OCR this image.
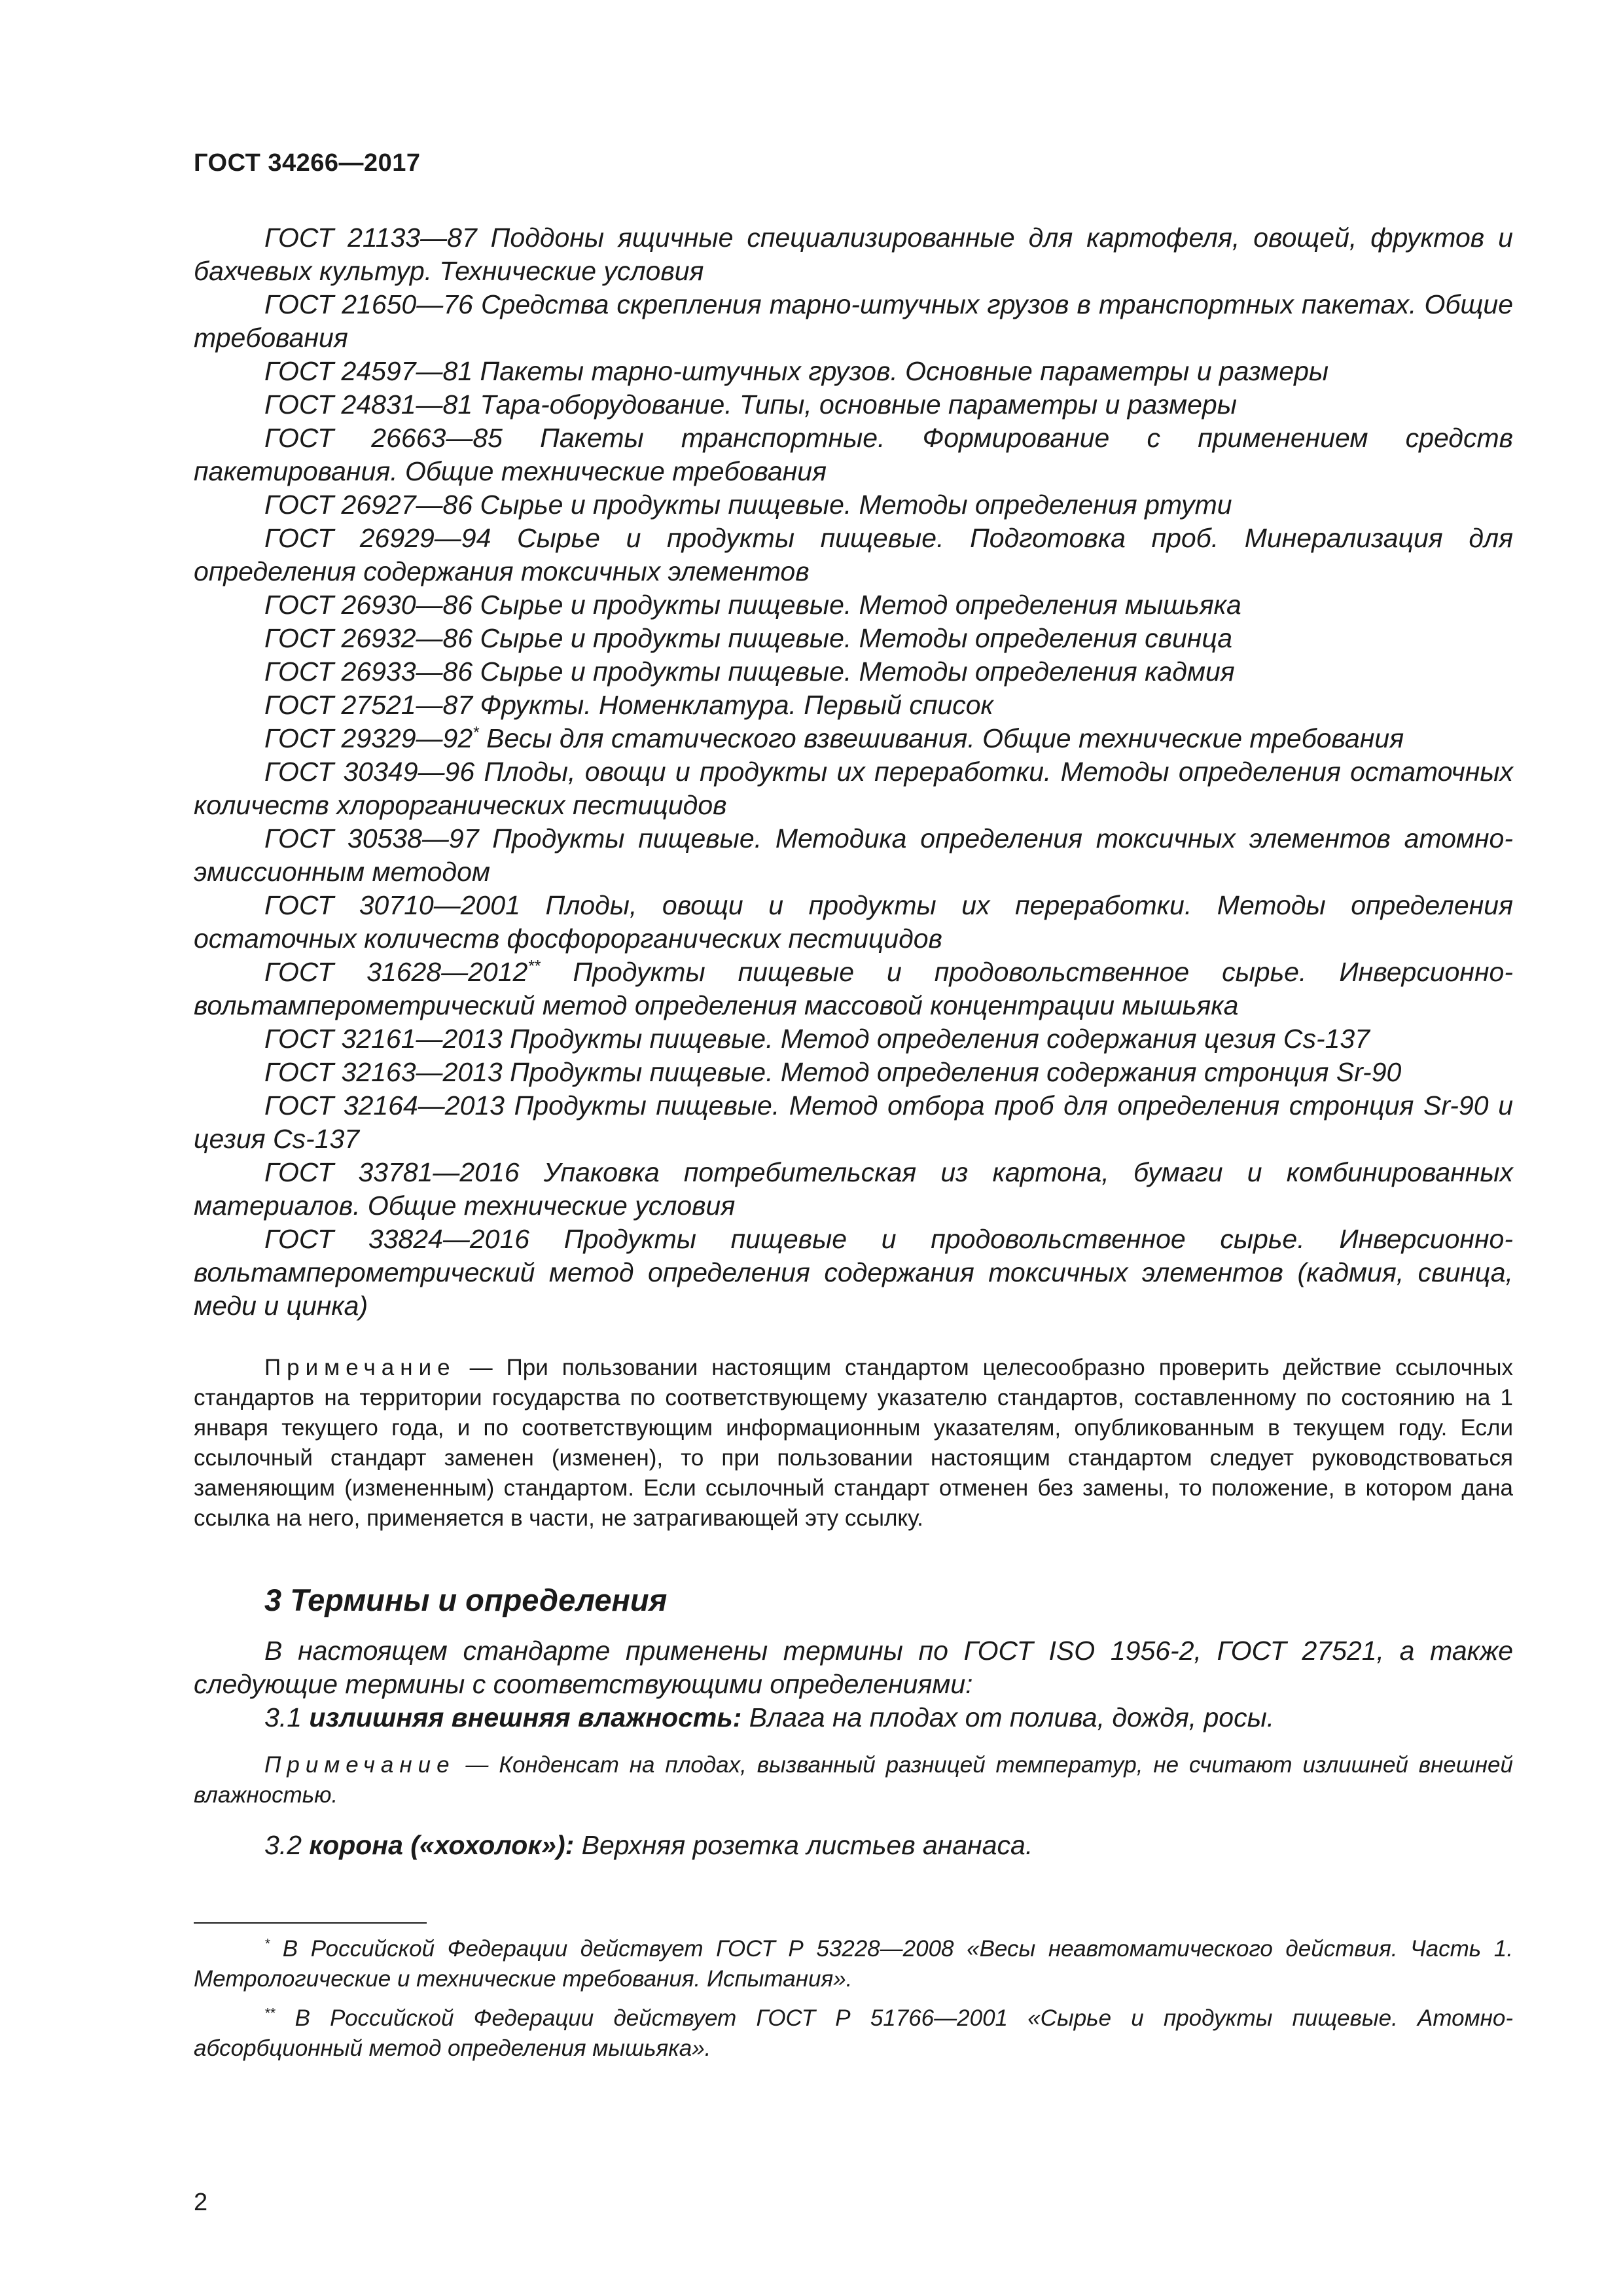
ГОСТ 34266—2017

ГОСТ 21133—87 Поддоны ящичные специализированные для картофеля, овощей, фруктов и бахчевых культур. Технические условия

ГОСТ 21650—76 Средства скрепления тарно-штучных грузов в транспортных пакетах. Общие требования

ГОСТ 24597—81 Пакеты тарно-штучных грузов. Основные параметры и размеры

ГОСТ 24831—81 Тара-оборудование. Типы, основные параметры и размеры

ГОСТ 26663—85 Пакеты транспортные. Формирование с применением средств пакетирования. Общие технические требования

ГОСТ 26927—86 Сырье и продукты пищевые. Методы определения ртути

ГОСТ 26929—94 Сырье и продукты пищевые. Подготовка проб. Минерализация для определения содержания токсичных элементов

ГОСТ 26930—86 Сырье и продукты пищевые. Метод определения мышьяка

ГОСТ 26932—86 Сырье и продукты пищевые. Методы определения свинца

ГОСТ 26933—86 Сырье и продукты пищевые. Методы определения кадмия

ГОСТ 27521—87 Фрукты. Номенклатура. Первый список

ГОСТ 29329—92* Весы для статического взвешивания. Общие технические требования

ГОСТ 30349—96 Плоды, овощи и продукты их переработки. Методы определения остаточных количеств хлорорганических пестицидов

ГОСТ 30538—97 Продукты пищевые. Методика определения токсичных элементов атомно-эмиссионным методом

ГОСТ 30710—2001 Плоды, овощи и продукты их переработки. Методы определения остаточных количеств фосфорорганических пестицидов

ГОСТ 31628—2012** Продукты пищевые и продовольственное сырье. Инверсионно-вольтамперометрический метод определения массовой концентрации мышьяка

ГОСТ 32161—2013 Продукты пищевые. Метод определения содержания цезия Cs-137

ГОСТ 32163—2013 Продукты пищевые. Метод определения содержания стронция Sr-90

ГОСТ 32164—2013 Продукты пищевые. Метод отбора проб для определения стронция Sr-90 и цезия Cs-137

ГОСТ 33781—2016 Упаковка потребительская из картона, бумаги и комбинированных материалов. Общие технические условия

ГОСТ 33824—2016 Продукты пищевые и продовольственное сырье. Инверсионно-вольтамперометрический метод определения содержания токсичных элементов (кадмия, свинца, меди и цинка)

Примечание — При пользовании настоящим стандартом целесообразно проверить действие ссылочных стандартов на территории государства по соответствующему указателю стандартов, составленному по состоянию на 1 января текущего года, и по соответствующим информационным указателям, опубликованным в текущем году. Если ссылочный стандарт заменен (изменен), то при пользовании настоящим стандартом следует руководствоваться заменяющим (измененным) стандартом. Если ссылочный стандарт отменен без замены, то положение, в котором дана ссылка на него, применяется в части, не затрагивающей эту ссылку.
3 Термины и определения
В настоящем стандарте применены термины по ГОСТ ISO 1956-2, ГОСТ 27521, а также следующие термины с соответствующими определениями:
3.1 излишняя внешняя влажность: Влага на плодах от полива, дождя, росы.
Примечание — Конденсат на плодах, вызванный разницей температур, не считают излишней внешней влажностью.
3.2 корона («хохолок»): Верхняя розетка листьев ананаса.
* В Российской Федерации действует ГОСТ Р 53228—2008 «Весы неавтоматического действия. Часть 1. Метрологические и технические требования. Испытания».
** В Российской Федерации действует ГОСТ Р 51766—2001 «Сырье и продукты пищевые. Атомно-абсорбционный метод определения мышьяка».
2
